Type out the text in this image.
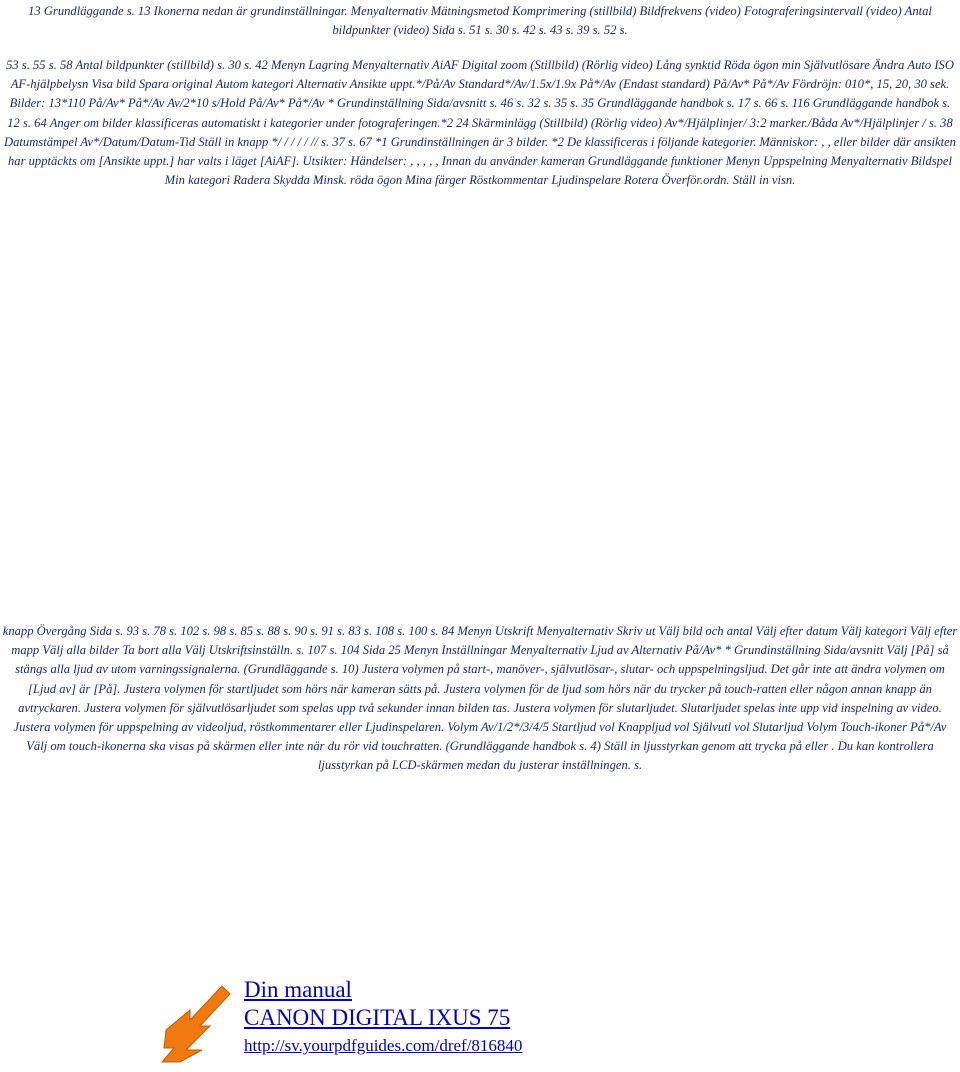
13 Grundläggande s. 13 Ikonerna nedan är grundinställningar. Menyalternativ Mätningsmetod Komprimering (stillbild) Bildfrekvens (video) Fotograferingsintervall (video) Antal bildpunkter (video) Sida s. 51 s. 30 s. 42 s. 43 s. 39 s. 52 s.
53 s. 55 s. 58 Antal bildpunkter (stillbild) s. 30 s. 42 Menyn Lagring Menyalternativ AiAF Digital zoom (Stillbild) (Rörlig video) Lång synktid Röda ögon min Självutlösare Ändra Auto ISO AF-hjälpbelysn Visa bild Spara original Autom kategori Alternativ Ansikte uppt.*/På/Av Standard*/Av/1.5x/1.9x På*/Av (Endast standard) På/Av* På*/Av Fördröjn: 010*, 15, 20, 30 sek. Bilder: 13*110 På/Av* På*/Av Av/2*10 s/Hold På/Av* På*/Av * Grundinställning Sida/avsnitt s. 46 s. 32 s. 35 s. 35 Grundläggande handbok s. 17 s. 66 s. 116 Grundläggande handbok s. 12 s. 64 Anger om bilder klassificeras automatiskt i kategorier under fotograferingen.*2 24 Skärminlägg (Stillbild) (Rörlig video) Av*/Hjälplinjer/ 3:2 marker./Båda Av*/Hjälplinjer / s. 38 Datumstämpel Av*/Datum/Datum-Tid Ställ in knapp */ / / / / // s. 37 s. 67 *1 Grundinställningen är 3 bilder. *2 De klassificeras i följande kategorier. Människor: , , eller bilder där ansikten har upptäckts om [Ansikte uppt.] har valts i läget [AiAF]. Utsikter: Händelser: , , , , , Innan du använder kameran Grundläggande funktioner Menyn Uppspelning Menyalternativ Bildspel Min kategori Radera Skydda Minsk. röda ögon Mina färger Röstkommentar Ljudinspelare Rotera Överför.ordn. Ställ in visn.
knapp Övergång Sida s. 93 s. 78 s. 102 s. 98 s. 85 s. 88 s. 90 s. 91 s. 83 s. 108 s. 100 s. 84 Menyn Utskrift Menyalternativ Skriv ut Välj bild och antal Välj efter datum Välj kategori Välj efter mapp Välj alla bilder Ta bort alla Välj Utskriftsinställn. s. 107 s. 104 Sida 25 Menyn Inställningar Menyalternativ Ljud av Alternativ På/Av* * Grundinställning Sida/avsnitt Välj [På] så stängs alla ljud av utom varningssignalerna. (Grundläggande s. 10) Justera volymen på start-, manöver-, självutlösar-, slutar- och uppspelningsljud. Det går inte att ändra volymen om [Ljud av] är [På]. Justera volymen för startljudet som hörs när kameran sätts på. Justera volymen för de ljud som hörs när du trycker på touch-ratten eller någon annan knapp än avtryckaren. Justera volymen för självutlösarljudet som spelas upp två sekunder innan bilden tas. Justera volymen för slutarljudet. Slutarljudet spelas inte upp vid inspelning av video. Justera volymen för uppspelning av videoljud, röstkommentarer eller Ljudinspelaren. Volym Av/1/2*/3/4/5 Startljud vol Knappljud vol Självutl vol Slutarljud Volym Touch-ikoner På*/Av Välj om touch-ikonerna ska visas på skärmen eller inte när du rör vid touchratten. (Grundläggande handbok s. 4) Ställ in ljusstyrkan genom att trycka på eller . Du kan kontrollera ljusstyrkan på LCD-skärmen medan du justerar inställningen. s.
Din manual
CANON DIGITAL IXUS 75
http://sv.yourpdfguides.com/dref/816840
